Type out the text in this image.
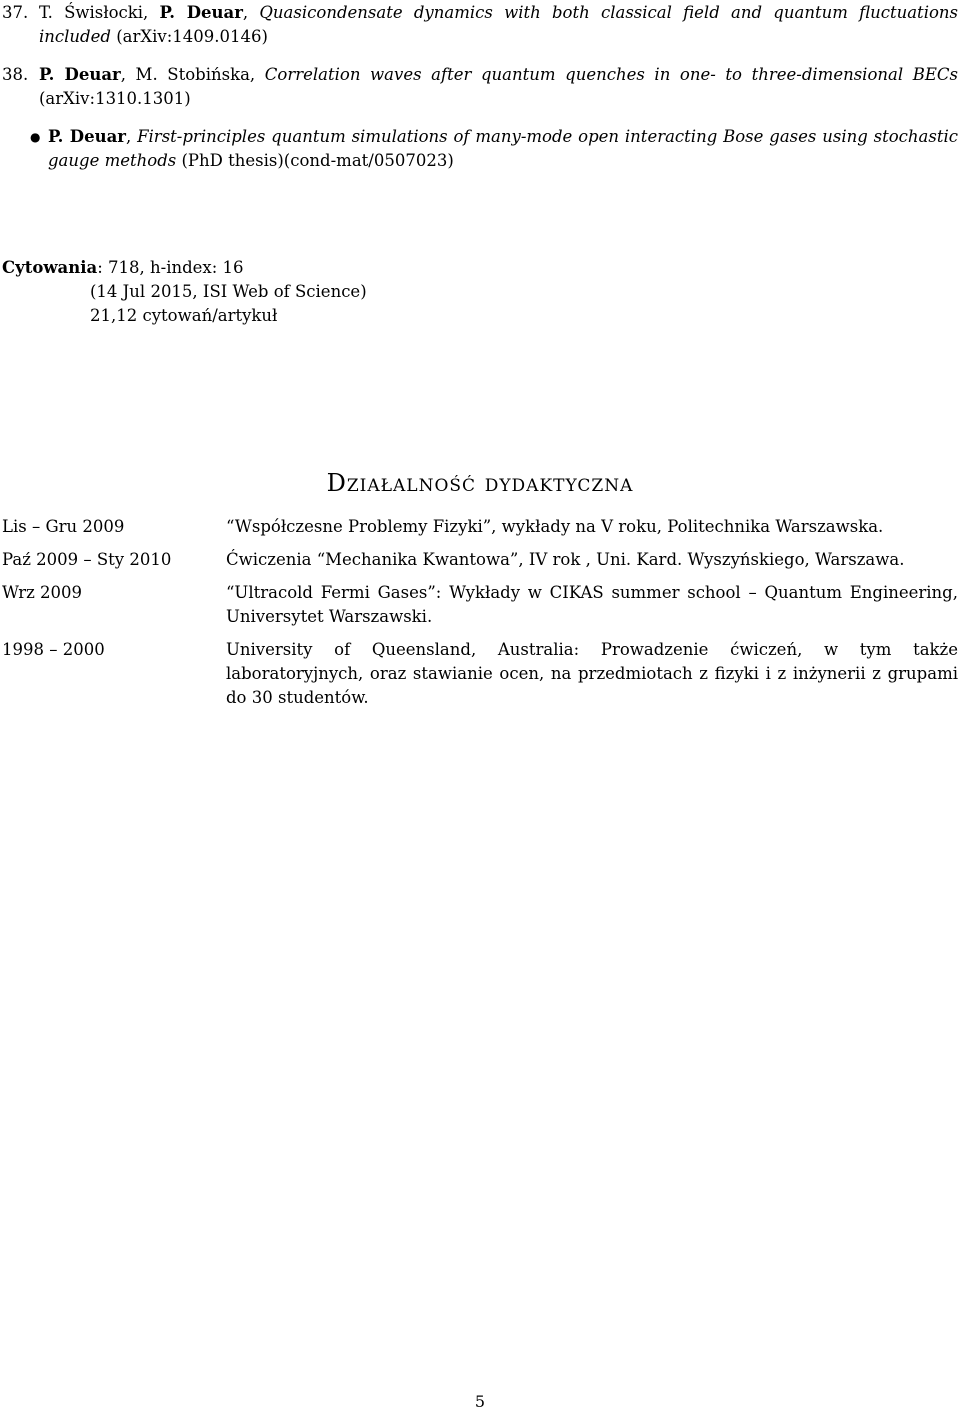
37. T. Świsłocki, P. Deuar, Quasicondensate dynamics with both classical field and quantum fluctuations included (arXiv:1409.0146)
38. P. Deuar, M. Stobińska, Correlation waves after quantum quenches in one- to three-dimensional BECs (arXiv:1310.1301)
● P. Deuar, First-principles quantum simulations of many-mode open interacting Bose gases using stochastic gauge methods (PhD thesis)(cond-mat/0507023)
Cytowania: 718, h-index: 16
(14 Jul 2015, ISI Web of Science)
21,12 cytowań/artykuł
Działalność dydaktyczna
Lis – Gru 2009	“Współczesne Problemy Fizyki”, wykłady na V roku, Politechnika Warszawska.
Paź 2009 – Sty 2010	Ćwiczenia “Mechanika Kwantowa”, IV rok , Uni. Kard. Wyszyńskiego, Warszawa.
Wrz 2009	“Ultracold Fermi Gases”: Wykłady w CIKAS summer school – Quantum Engineering, Universytet Warszawski.
1998 – 2000	University of Queensland, Australia: Prowadzenie ćwiczeń, w tym także laboratoryjnych, oraz stawianie ocen, na przedmiotach z fizyki i z inżynerii z grupami do 30 studentów.
5
